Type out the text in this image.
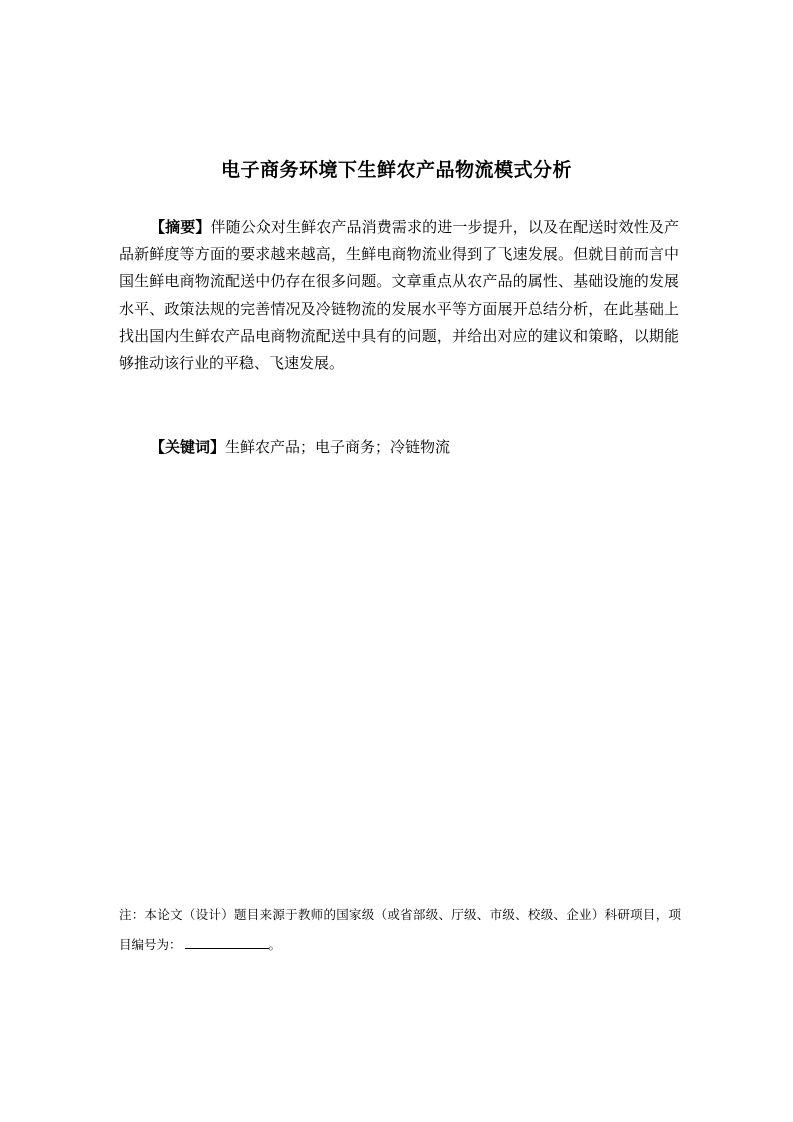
电子商务环境下生鲜农产品物流模式分析
【摘要】伴随公众对生鲜农产品消费需求的进一步提升，以及在配送时效性及产品新鲜度等方面的要求越来越高，生鲜电商物流业得到了飞速发展。但就目前而言中国生鲜电商物流配送中仍存在很多问题。文章重点从农产品的属性、基础设施的发展水平、政策法规的完善情况及冷链物流的发展水平等方面展开总结分析，在此基础上找出国内生鲜农产品电商物流配送中具有的问题，并给出对应的建议和策略，以期能够推动该行业的平稳、飞速发展。
【关键词】生鲜农产品；电子商务；冷链物流
注：本论文（设计）题目来源于教师的国家级（或省部级、厅级、市级、校级、企业）科研项目，项目编号为：	。
